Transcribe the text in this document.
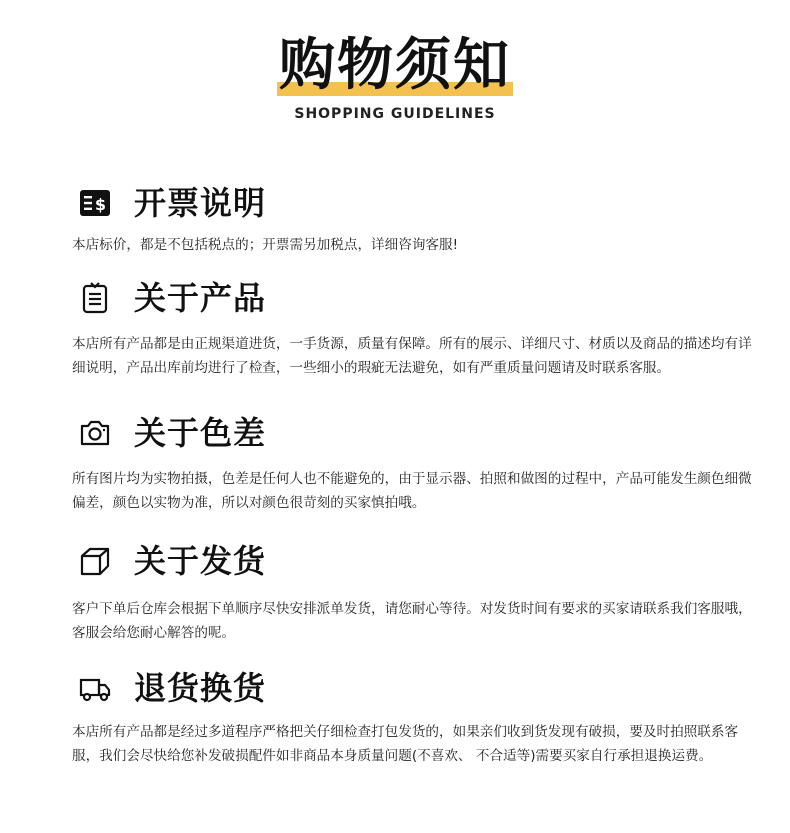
购物须知
SHOPPING GUIDELINES
$ 开票说明
本店标价，都是不包括税点的；开票需另加税点，详细咨询客服!
关于产品
本店所有产品都是由正规渠道进货，一手货源，质量有保障。所有的展示、详细尺寸、材质以及商品的描述均有详细说明，产品出库前均进行了检查，一些细小的瑕疵无法避免，如有严重质量问题请及时联系客服。
关于色差
所有图片均为实物拍摄，色差是任何人也不能避免的，由于显示器、拍照和做图的过程中，产品可能发生颜色细微偏差，颜色以实物为准，所以对颜色很苛刻的买家慎拍哦。
关于发货
客户下单后仓库会根据下单顺序尽快安排派单发货，请您耐心等待。对发货时间有要求的买家请联系我们客服哦，客服会给您耐心解答的呢。
退货换货
本店所有产品都是经过多道程序严格把关仔细检查打包发货的，如果亲们收到货发现有破损，要及时拍照联系客服，我们会尽快给您补发破损配件如非商品本身质量问题(不喜欢、 不合适等)需要买家自行承担退换运费。
